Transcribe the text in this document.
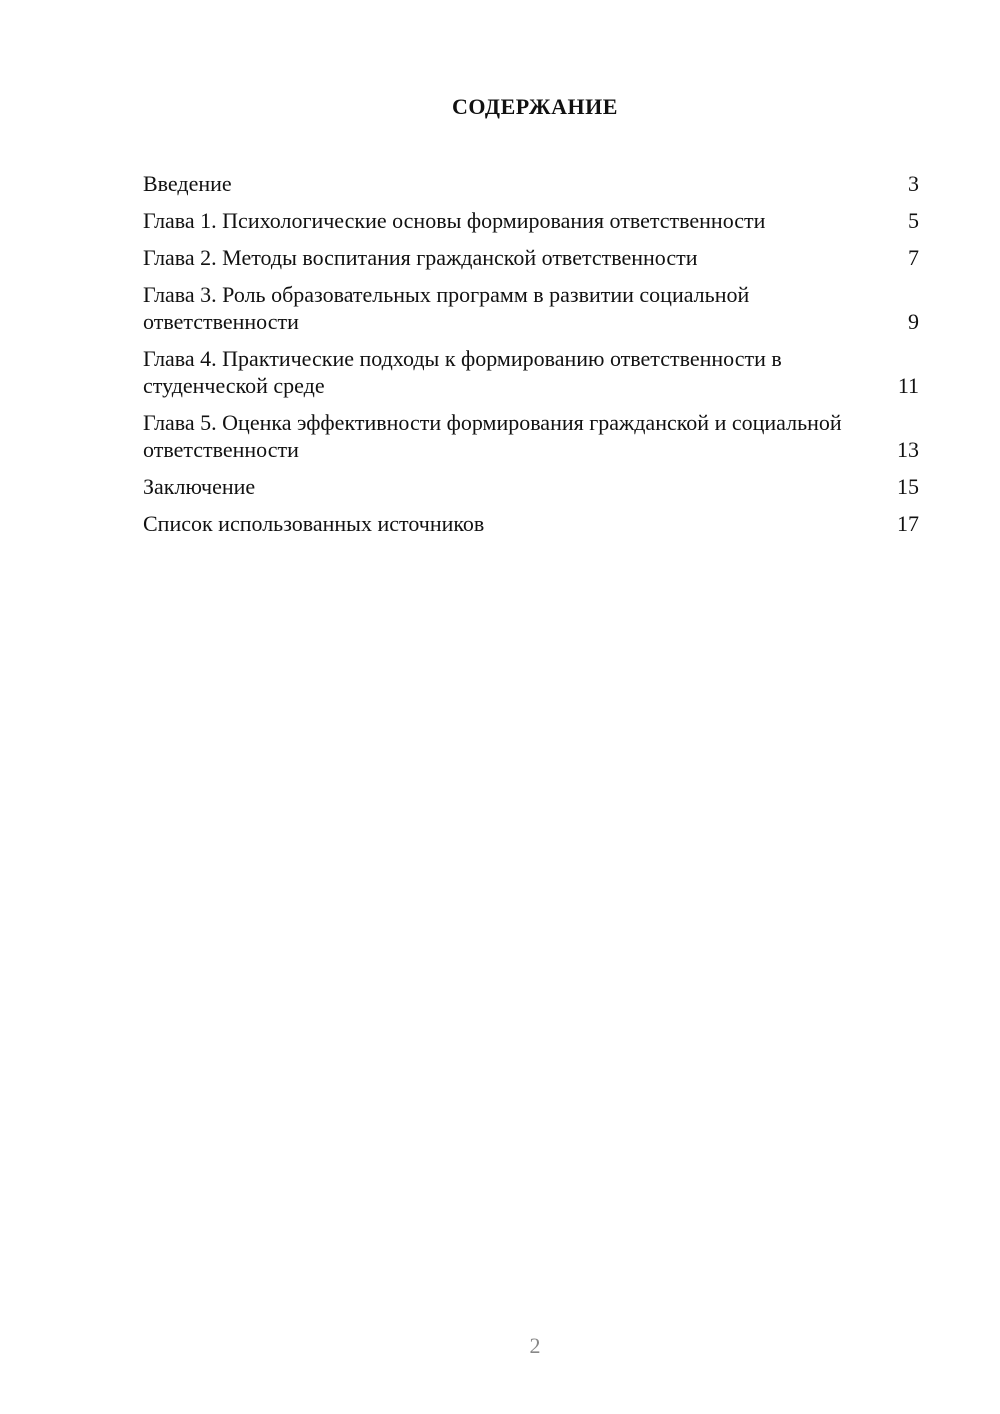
СОДЕРЖАНИЕ
Введение	3
Глава 1. Психологические основы формирования ответственности	5
Глава 2. Методы воспитания гражданской ответственности	7
Глава 3. Роль образовательных программ в развитии социальной ответственности	9
Глава 4. Практические подходы к формированию ответственности в студенческой среде	11
Глава 5. Оценка эффективности формирования гражданской и социальной ответственности	13
Заключение	15
Список использованных источников	17
2
